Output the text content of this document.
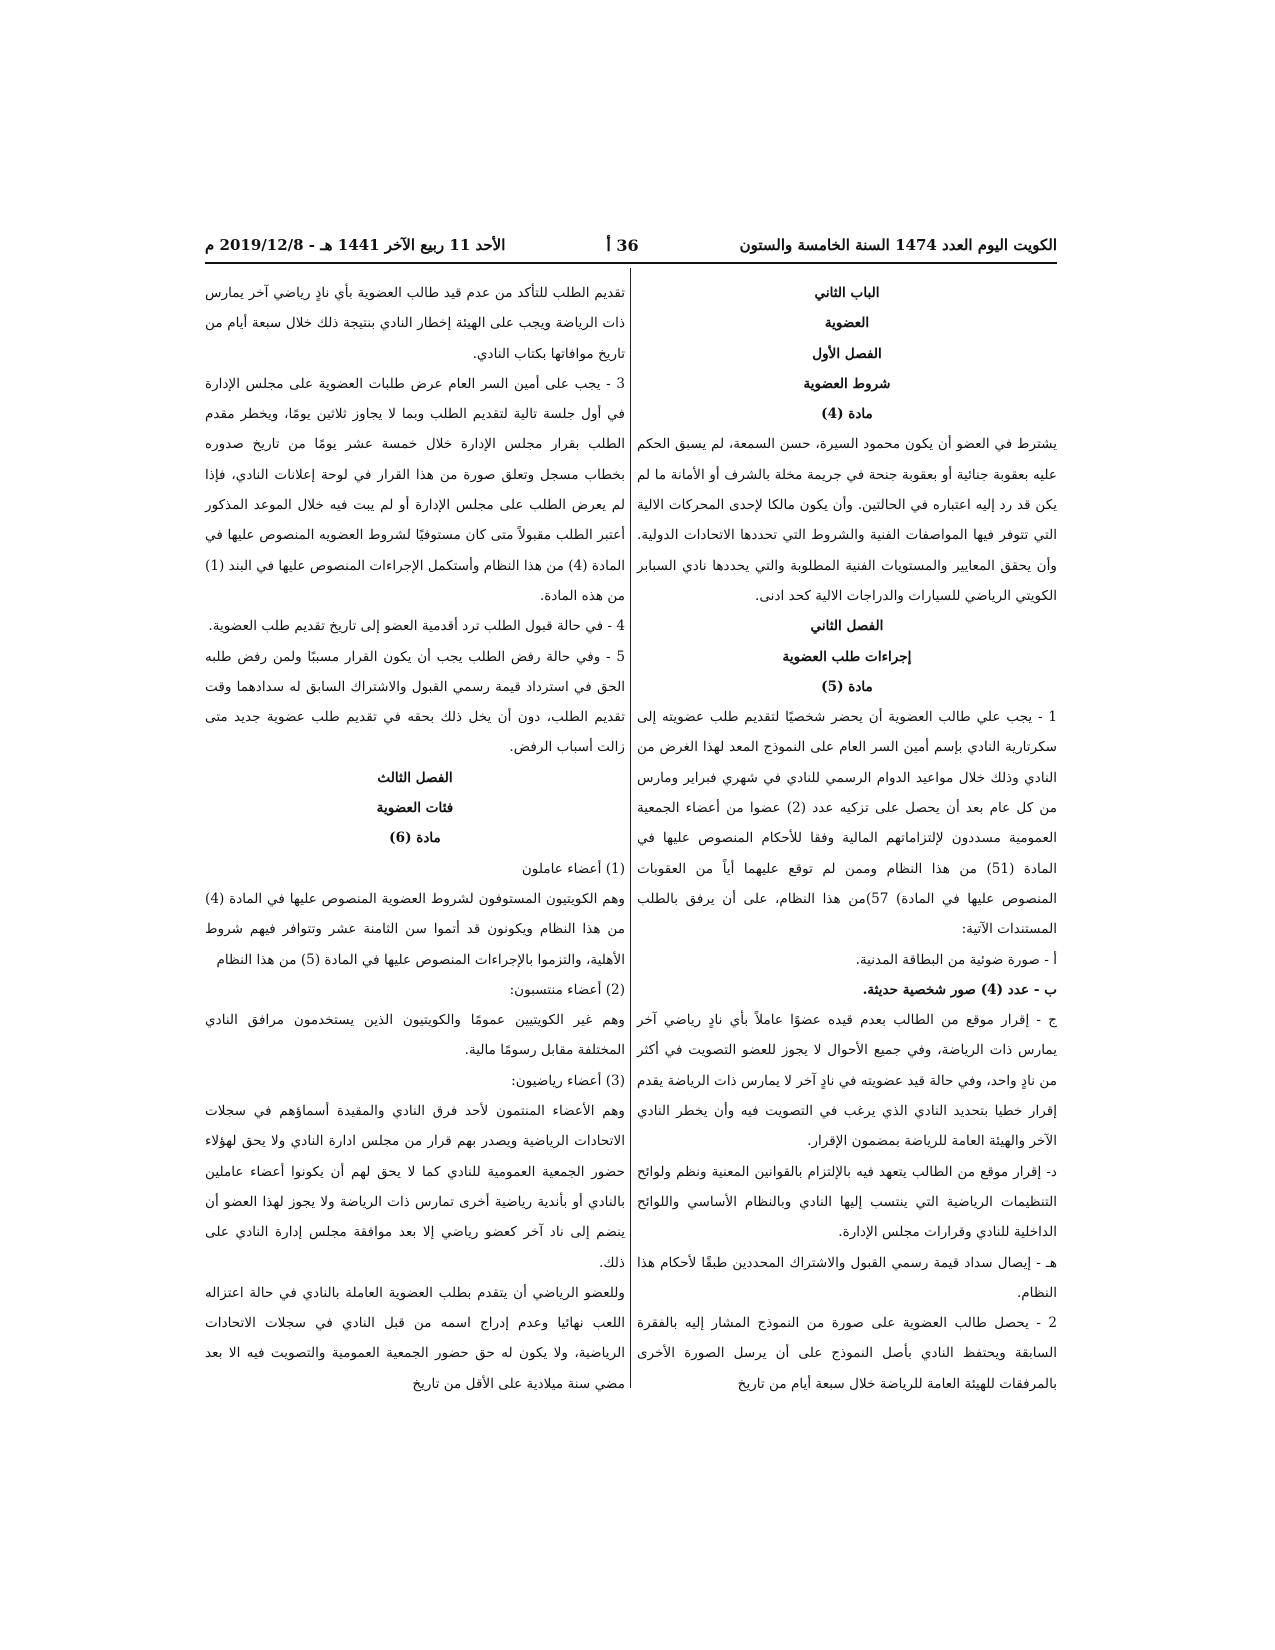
الكويت اليوم العدد 1474 السنة الخامسة والستون
36 أ
الأحد 11 ربيع الآخر 1441 هـ - 2019/12/8 م

الباب الثاني

العضوية

الفصل الأول

شروط العضوية

مادة (4)

يشترط في العضو أن يكون محمود السيرة، حسن السمعة، لم يسبق الحكم عليه بعقوبة جنائية أو بعقوبة جنحة في جريمة مخلة بالشرف أو الأمانة ما لم يكن قد رد إليه اعتباره في الحالتين. وأن يكون مالكا لإحدى المحركات الالية التي تتوفر فيها المواصفات الفنية والشروط التي تحددها الاتحادات الدولية. وأن يحقق المعايير والمستويات الفنية المطلوبة والتي يحددها نادي السبابر الكويتي الرياضي للسيارات والدراجات الالية كحد ادنى.

الفصل الثاني

إجراءات طلب العضوية

مادة (5)

1 - يجب علي طالب العضوية أن يحضر شخصيًا لتقديم طلب عضويته إلى سكرتارية النادي بإسم أمين السر العام على النموذج المعد لهذا الغرض من النادي وذلك خلال مواعيد الدوام الرسمي للنادي في شهري فبراير ومارس من كل عام بعد أن يحصل على تزكيه عدد (2) عضوا من أعضاء الجمعية العمومية مسددون لإلتزاماتهم المالية وفقا للأحكام المنصوص عليها في المادة (51) من هذا النظام وممن لم توقع عليهما أياً من العقوبات المنصوص عليها في المادة) 57)من هذا النظام، على أن يرفق بالطلب المستندات الآتية:

أ - صورة ضوئية من البطاقة المدنية.

ب - عدد (4) صور شخصية حديثة.

ج - إقرار موقع من الطالب بعدم قيده عضوًا عاملاً بأي نادٍ رياضي آخر يمارس ذات الرياضة، وفي جميع الأحوال لا يجوز للعضو التصويت في أكثر من نادٍ واحد، وفي حالة قيد عضويته في نادٍ آخر لا يمارس ذات الرياضة يقدم إقرار خطيا بتحديد النادي الذي يرغب في التصويت فيه وأن يخطر النادي الآخر والهيئة العامة للرياضة بمضمون الإقرار.

د- إقرار موقع من الطالب يتعهد فيه بالإلتزام بالقوانين المعنية ونظم ولوائح التنظيمات الرياضية التي ينتسب إليها النادي وبالنظام الأساسي واللوائح الداخلية للنادي وقرارات مجلس الإدارة.

هـ - إيصال سداد قيمة رسمي القبول والاشتراك المحددين طبقًا لأحكام هذا النظام.

2 - يحصل طالب العضوية على صورة من النموذج المشار إليه بالفقرة السابقة ويحتفظ النادي بأصل النموذج على أن يرسل الصورة الأخرى بالمرفقات للهيئة العامة للرياضة خلال سبعة أيام من تاريخ

تقديم الطلب للتأكد من عدم قيد طالب العضوية بأي نادٍ رياضي آخر يمارس ذات الرياضة ويجب على الهيئة إخطار النادي بنتيجة ذلك خلال سبعة أيام من تاريخ موافاتها بكتاب النادي.

3 - يجب على أمين السر العام عرض طلبات العضوية على مجلس الإدارة في أول جلسة تالية لتقديم الطلب وبما لا يجاوز ثلاثين يومًا، ويخطر مقدم الطلب بقرار مجلس الإدارة خلال خمسة عشر يومًا من تاريخ صدوره بخطاب مسجل وتعلق صورة من هذا القرار في لوحة إعلانات النادي، فإذا لم يعرض الطلب على مجلس الإدارة أو لم يبت فيه خلال الموعد المذكور أعتبر الطلب مقبولاً متى كان مستوفيًا لشروط العضويه المنصوص عليها في المادة (4) من هذا النظام وأستكمل الإجراءات المنصوص عليها في البند (1) من هذه المادة.

4 - في حالة قبول الطلب ترد أقدمية العضو إلى تاريخ تقديم طلب العضوية.

5 - وفي حالة رفض الطلب يجب أن يكون القرار مسببًا ولمن رفض طلبه الحق في استرداد قيمة رسمي القبول والاشتراك السابق له سدادهما وقت تقديم الطلب، دون أن يخل ذلك بحقه في تقديم طلب عضوية جديد متى زالت أسباب الرفض.

الفصل الثالث

فئات العضوية

مادة (6)

(1) أعضاء عاملون

وهم الكويتيون المستوفون لشروط العضوية المنصوص عليها في المادة (4) من هذا النظام ويكونون قد أتموا سن الثامنة عشر وتتوافر فيهم شروط الأهلية، والتزموا بالإجراءات المنصوص عليها في المادة (5) من هذا النظام

(2) أعضاء منتسبون:

وهم غير الكويتيين عمومًا والكويتيون الذين يستخدمون مرافق النادي المختلفة مقابل رسومًا مالية.

(3) أعضاء رياضيون:

وهم الأعضاء المنتمون لأحد فرق النادي والمقيدة أسماؤهم في سجلات الاتحادات الرياضية ويصدر بهم قرار من مجلس ادارة النادي ولا يحق لهؤلاء حضور الجمعية العمومية للنادي كما لا يحق لهم أن يكونوا أعضاء عاملين بالنادي أو بأندية رياضية أخرى تمارس ذات الرياضة ولا يجوز لهذا العضو أن ينضم إلى ناد آخر كعضو رياضي إلا بعد موافقة مجلس إدارة النادي على ذلك.

وللعضو الرياضي أن يتقدم بطلب العضوية العاملة بالنادي في حالة اعتزاله اللعب نهائيا وعدم إدراج اسمه من قبل النادي في سجلات الاتحادات الرياضية، ولا يكون له حق حضور الجمعية العمومية والتصويت فيه الا بعد مضي سنة ميلادية على الأقل من تاريخ
